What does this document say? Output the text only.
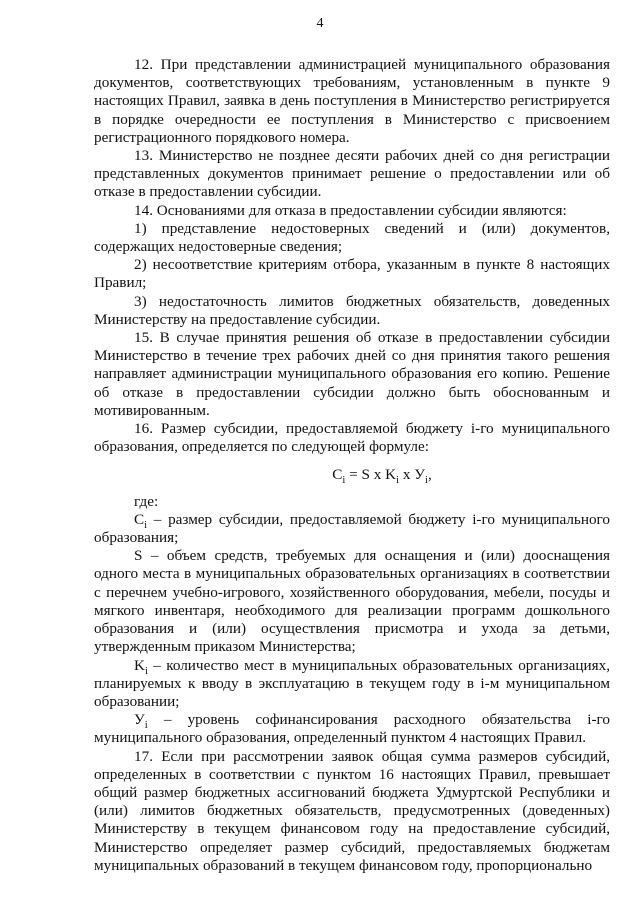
4

12. При представлении администрацией муниципального образования документов, соответствующих требованиям, установленным в пункте 9 настоящих Правил, заявка в день поступления в Министерство регистрируется в порядке очередности ее поступления в Министерство с присвоением регистрационного порядкового номера.

13. Министерство не позднее десяти рабочих дней со дня регистрации представленных документов принимает решение о предоставлении или об отказе в предоставлении субсидии.

14. Основаниями для отказа в предоставлении субсидии являются:

1) представление недостоверных сведений и (или) документов, содержащих недостоверные сведения;

2) несоответствие критериям отбора, указанным в пункте 8 настоящих Правил;

3) недостаточность лимитов бюджетных обязательств, доведенных Министерству на предоставление субсидии.

15. В случае принятия решения об отказе в предоставлении субсидии Министерство в течение трех рабочих дней со дня принятия такого решения направляет администрации муниципального образования его копию. Решение об отказе в предоставлении субсидии должно быть обоснованным и мотивированным.

16. Размер субсидии, предоставляемой бюджету i-го муниципального образования, определяется по следующей формуле:

$C_i = S$ x $K_i$ x $У_i$,

где:

$C_i$ – размер субсидии, предоставляемой бюджету i-го муниципального образования;

S – объем средств, требуемых для оснащения и (или) дооснащения одного места в муниципальных образовательных организациях в соответствии с перечнем учебно-игрового, хозяйственного оборудования, мебели, посуды и мягкого инвентаря, необходимого для реализации программ дошкольного образования и (или) осуществления присмотра и ухода за детьми, утвержденным приказом Министерства;

$K_i$ – количество мест в муниципальных образовательных организациях, планируемых к вводу в эксплуатацию в текущем году в i-м муниципальном образовании;

$У_i$ – уровень софинансирования расходного обязательства i-го муниципального образования, определенный пунктом 4 настоящих Правил.

17. Если при рассмотрении заявок общая сумма размеров субсидий, определенных в соответствии с пунктом 16 настоящих Правил, превышает общий размер бюджетных ассигнований бюджета Удмуртской Республики и (или) лимитов бюджетных обязательств, предусмотренных (доведенных) Министерству в текущем финансовом году на предоставление субсидий, Министерство определяет размер субсидий, предоставляемых бюджетам муниципальных образований в текущем финансовом году, пропорционально
